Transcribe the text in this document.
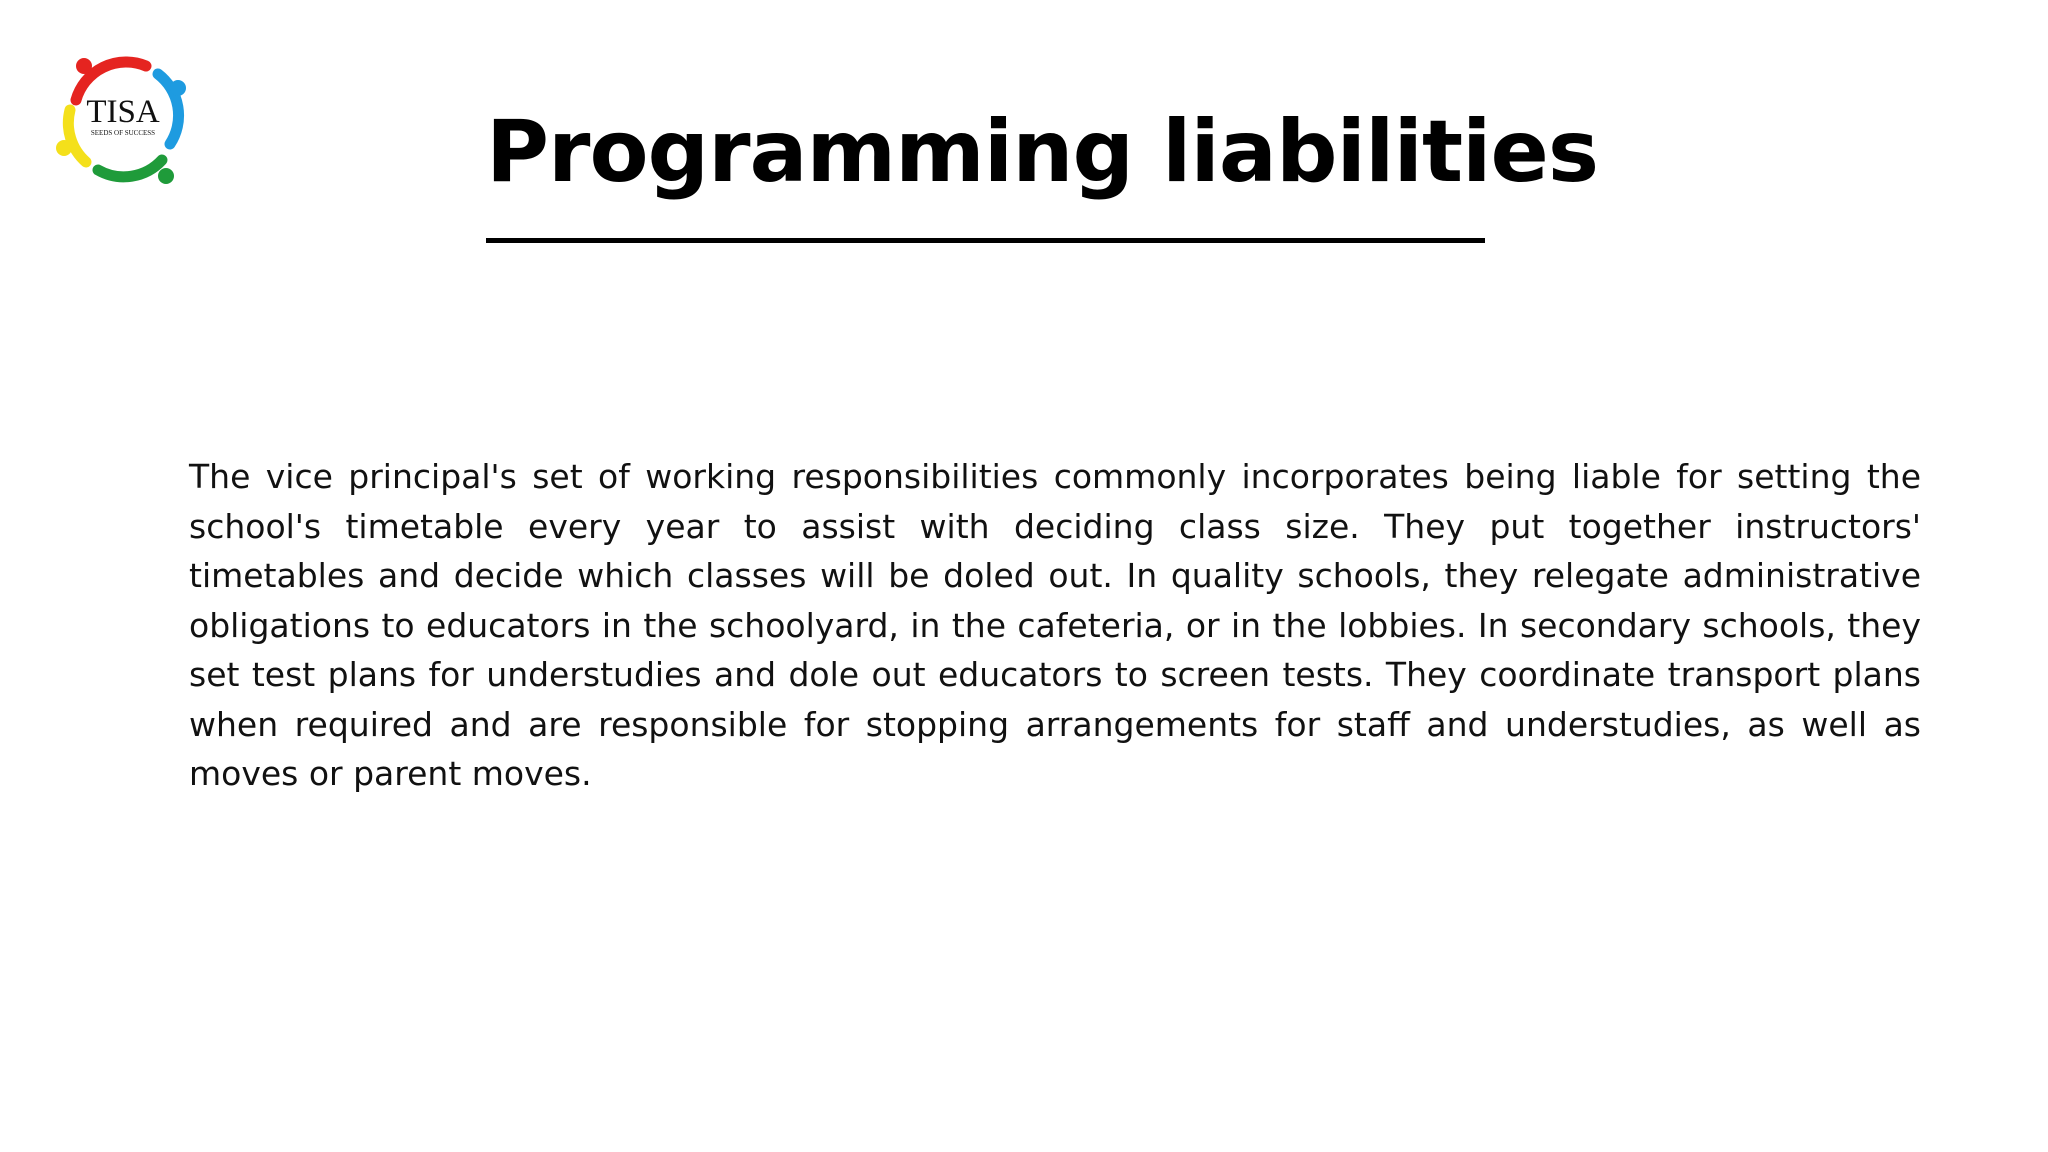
TISA
SEEDS OF SUCCESS	Programming liabilities

The vice principal's set of working responsibilities commonly incorporates being liable for setting the school's timetable every year to assist with deciding class size. They put together instructors' timetables and decide which classes will be doled out. In quality schools, they relegate administrative obligations to educators in the schoolyard, in the cafeteria, or in the lobbies. In secondary schools, they set test plans for understudies and dole out educators to screen tests. They coordinate transport plans when required and are responsible for stopping arrangements for staff and understudies, as well as moves or parent moves.
